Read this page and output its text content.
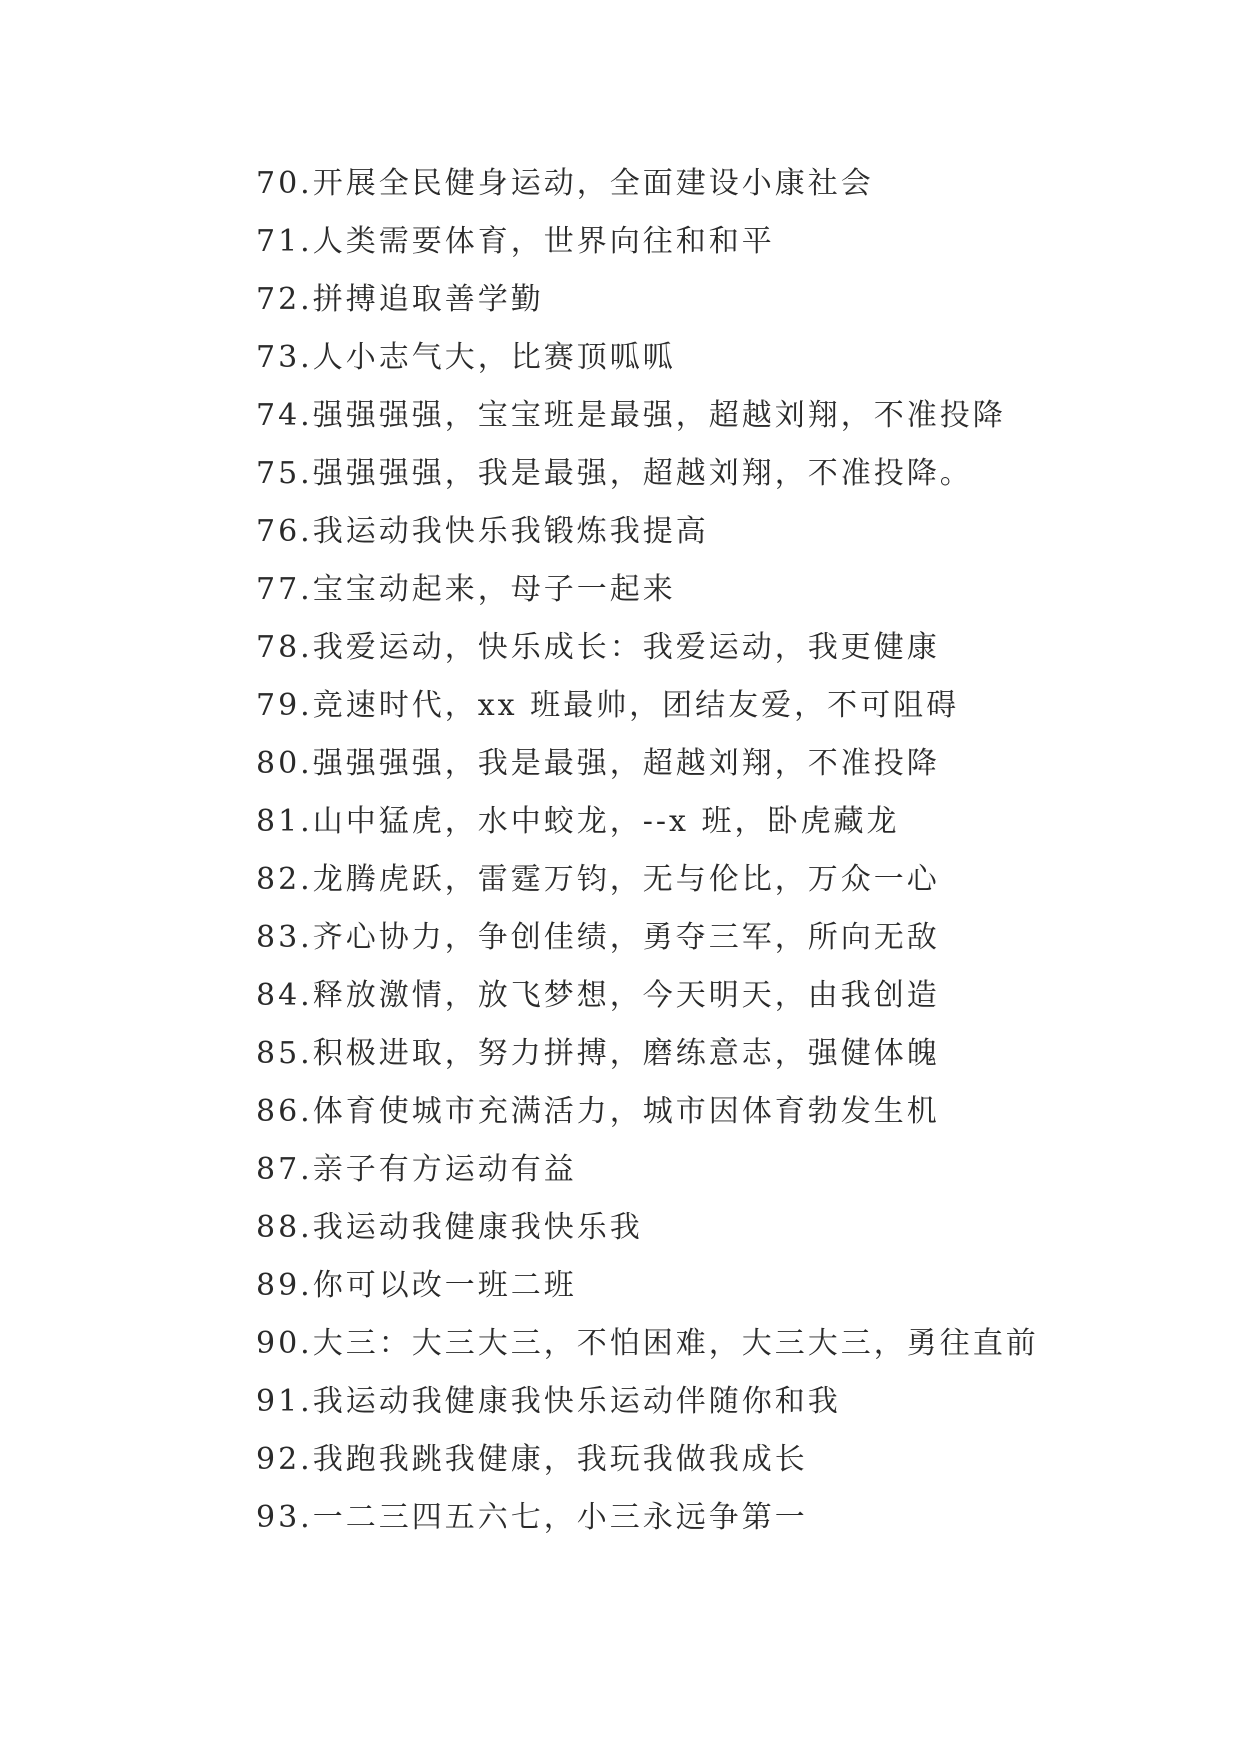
70.开展全民健身运动，全面建设小康社会
71.人类需要体育，世界向往和和平
72.拼搏追取善学勤
73.人小志气大，比赛顶呱呱
74.强强强强，宝宝班是最强，超越刘翔，不准投降
75.强强强强，我是最强，超越刘翔，不准投降。
76.我运动我快乐我锻炼我提高
77.宝宝动起来，母子一起来
78.我爱运动，快乐成长：我爱运动，我更健康
79.竞速时代，xx 班最帅，团结友爱，不可阻碍
80.强强强强，我是最强，超越刘翔，不准投降
81.山中猛虎，水中蛟龙，--x 班，卧虎藏龙
82.龙腾虎跃，雷霆万钧，无与伦比，万众一心
83.齐心协力，争创佳绩，勇夺三军，所向无敌
84.释放激情，放飞梦想，今天明天，由我创造
85.积极进取，努力拼搏，磨练意志，强健体魄
86.体育使城市充满活力，城市因体育勃发生机
87.亲子有方运动有益
88.我运动我健康我快乐我
89.你可以改一班二班
90.大三：大三大三，不怕困难，大三大三，勇往直前
91.我运动我健康我快乐运动伴随你和我
92.我跑我跳我健康，我玩我做我成长
93.一二三四五六七，小三永远争第一
